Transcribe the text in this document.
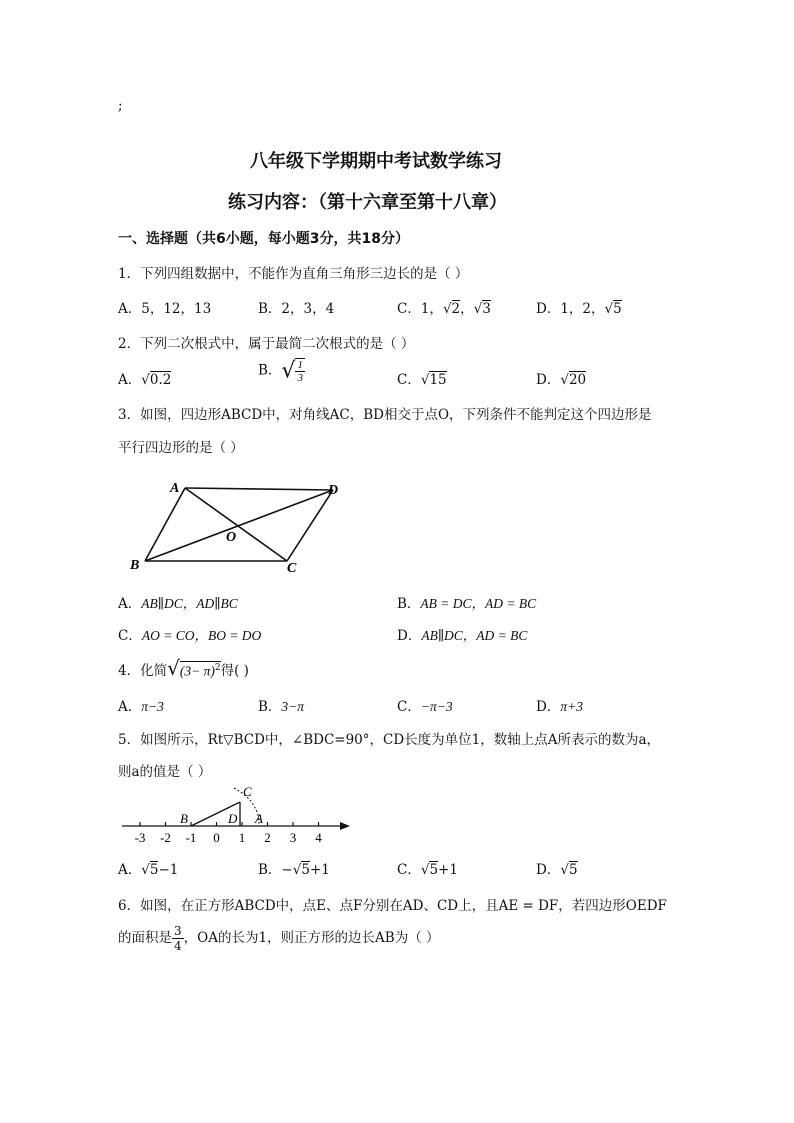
;
八年级下学期期中考试数学练习
练习内容：（第十六章至第十八章）
一、选择题（共6小题，每小题3分，共18分）
1．下列四组数据中，不能作为直角三角形三边长的是（ ）
A．5，12，13	B．2，3，4	C．1，√2，√3	D．1，2，√5
2．下列二次根式中，属于最简二次根式的是（ ）
A．√0.2
B．√ $\frac{1}{3}$	C．√15	D．√20
3．如图，四边形ABCD中，对角线AC，BD相交于点O，下列条件不能判定这个四边形是
平行四边形的是（ ）
A	D
B	C
O
A．AB∥DC，AD∥BC	B．AB = DC，AD = BC
C．AO = CO，BO = DO	D．AB∥DC，AD = BC
4．化简$√(3- \pi)^2$得( )
A．π−3	B．3−π	C．−π−3	D．π+3
5．如图所示，Rt▽BCD中，∠BDC=90°，CD长度为单位1，数轴上点A所表示的数为a，
则a的值是（ ）
-3 -2 -1 0 1 2 3 4
C
B	D A
A．√5−1	B．−√5+1	C．√5+1	D．√5
6．如图，在正方形ABCD中，点E、点F分别在AD、CD上，且AE = DF，若四边形OEDF
的面积是 $\frac{3}{4}$ ，OA的长为1，则正方形的边长AB为（ ）
